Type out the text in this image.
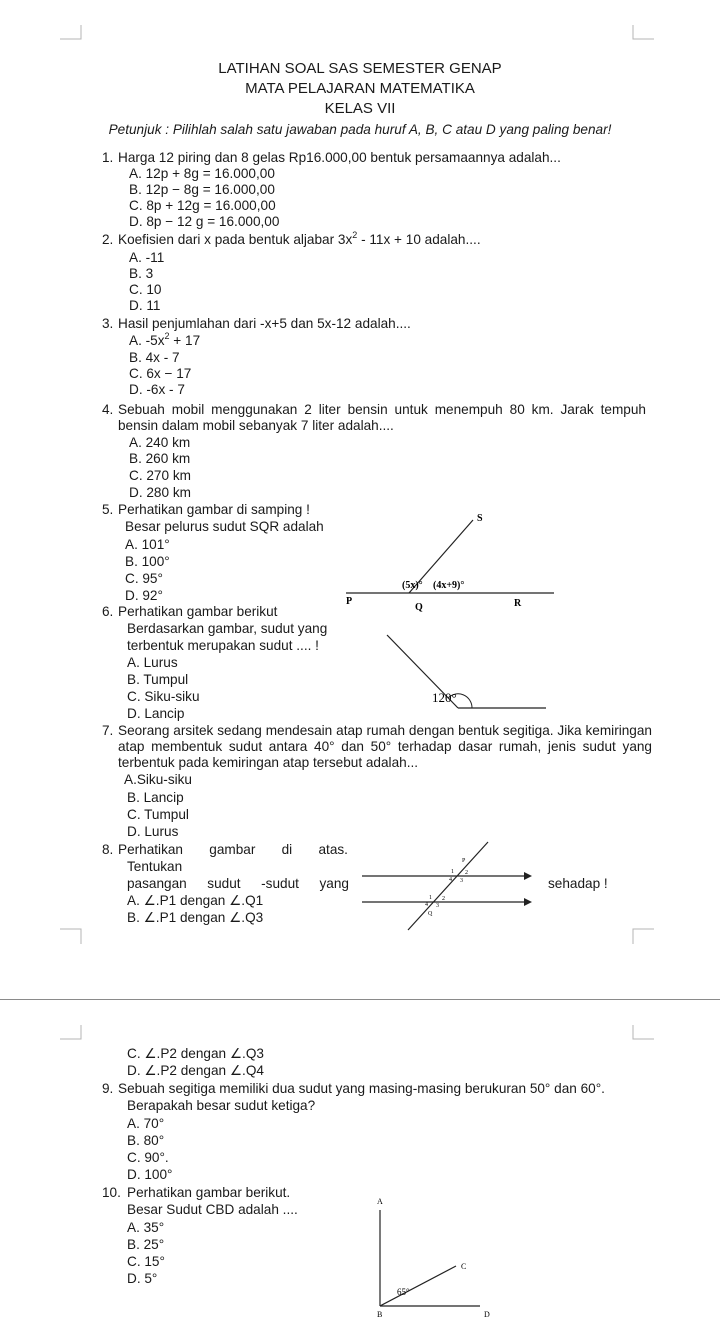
LATIHAN SOAL SAS SEMESTER GENAP
MATA PELAJARAN MATEMATIKA
KELAS VII
Petunjuk : Pilihlah salah satu jawaban pada huruf A, B, C atau D yang paling benar!
1. Harga 12 piring dan 8 gelas Rp16.000,00 bentuk persamaannya adalah...
A. 12p + 8g = 16.000,00
B. 12p − 8g = 16.000,00
C. 8p + 12g = 16.000,00
D. 8p − 12 g = 16.000,00
2. Koefisien dari x pada bentuk aljabar $3x^2 - 11x + 10$ adalah....
A. -11
B. 3
C. 10
D. 11
3. Hasil penjumlahan dari -x+5 dan 5x-12 adalah....
A. $-5x^2 + 17$
B. 4x - 7
C. 6x − 17
D. -6x - 7
4. Sebuah mobil menggunakan 2 liter bensin untuk menempuh 80 km. Jarak tempuh bensin dalam mobil sebanyak 7 liter adalah....
A. 240 km
B. 260 km
C. 270 km
D. 280 km
5. Perhatikan gambar di samping !
Besar pelurus sudut SQR adalah
A. 101°
B. 100°
C. 95°
D. 92°
S
P
Q	R
(5x)° (4x+9)°
6. Perhatikan gambar berikut
Berdasarkan gambar, sudut yang
terbentuk merupakan sudut .... !
A. Lurus
B. Tumpul
C. Siku-siku
D. Lancip
120°
7. Seorang arsitek sedang mendesain atap rumah dengan bentuk segitiga. Jika kemiringan atap membentuk sudut antara 40° dan 50° terhadap dasar rumah, jenis sudut yang terbentuk pada kemiringan atap tersebut adalah...
A.Siku-siku
B. Lancip
C. Tumpul
D. Lurus
8. Perhatikan gambar di atas.
Tentukan
pasangan sudut -sudut yang	sehadap !
A. ∠.P1 dengan ∠.Q1
B. ∠.P1 dengan ∠.Q3
P
1 2
4 3
1 2
4 3
Q
C. ∠.P2 dengan ∠.Q3
D. ∠.P2 dengan ∠.Q4
9. Sebuah segitiga memiliki dua sudut yang masing-masing berukuran 50° dan 60°.
Berapakah besar sudut ketiga?
A. 70°
B. 80°
C. 90°.
D. 100°
10. Perhatikan gambar berikut.
Besar Sudut CBD adalah ....
A. 35°
B. 25°
C. 15°
D. 5°
A
C
65°
B	D
